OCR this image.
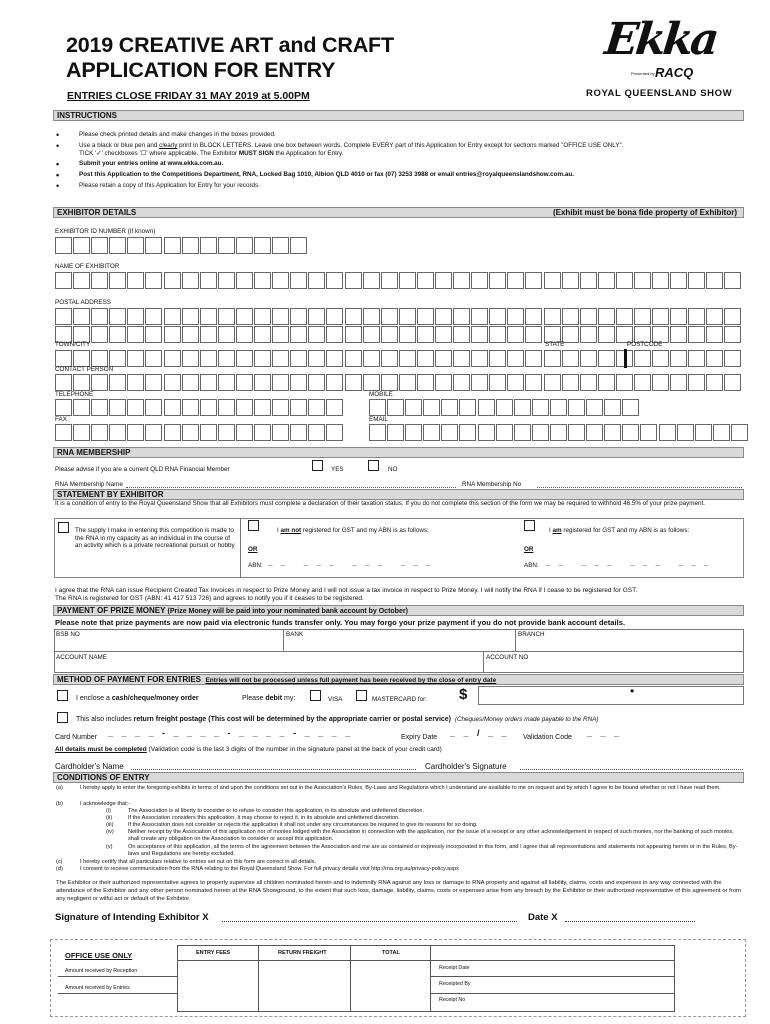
2019 CREATIVE ART and CRAFT
APPLICATION FOR ENTRY
ENTRIES CLOSE FRIDAY 31 MAY 2019 at 5.00PM
Ekka
Presented by RACQ
ROYAL QUEENSLAND SHOW
INSTRUCTIONS
• Please check printed details and make changes in the boxes provided.
• Use a black or blue pen and clearly print in BLOCK LETTERS. Leave one box between words. Complete EVERY part of this Application for Entry except for sections marked "OFFICE USE ONLY".
TICK '✓' checkboxes '☐' where applicable. The Exhibitor MUST SIGN the Application for Entry.
• Submit your entries online at www.ekka.com.au.
• Post this Application to the Competitions Department, RNA, Locked Bag 1010, Albion QLD 4010 or fax (07) 3253 3988 or email entries@royalqueenslandshow.com.au.
• Please retain a copy of this Application for Entry for your records.
EXHIBITOR DETAILS	(Exhibit must be bona fide property of Exhibitor)
EXHIBITOR ID NUMBER (If known)
NAME OF EXHIBITOR
POSTAL ADDRESS
TOWN/CITY	STATE	POSTCODE
CONTACT PERSON
TELEPHONE	MOBILE
FAX	EMAIL
RNA MEMBERSHIP
Please advise if you are a current QLD RNA Financial Member	YES	NO
RNA Membership Name	RNA Membership No
STATEMENT BY EXHIBITOR
It is a condition of entry to the Royal Queensland Show that all Exhibitors must complete a declaration of their taxation status. If you do not complete this section of the form we may be required to withhold 46.5% of your prize payment.
The supply I make in entering this competition is made to the RNA in my capacity as an individual in the course of an activity which is a private recreational pursuit or hobby
OR
I am not registered for GST and my ABN is as follows:
ABN: _ _   _ _ _   _ _ _   _ _ _
OR
I am registered for GST and my ABN is as follows:
ABN: _ _   _ _ _   _ _ _   _ _ _
I agree that the RNA can issue Recipient Created Tax Invoices in respect to Prize Money and I will not issue a tax invoice in respect to Prize Money. I will notify the RNA if I cease to be registered for GST.
The RNA is registered for GST (ABN: 41 417 513 726) and agrees to notify you if it ceases to be registered.
PAYMENT OF PRIZE MONEY (Prize Money will be paid into your nominated bank account by October)
Please note that prize payments are now paid via electronic funds transfer only. You may forgo your prize payment if you do not provide bank account details.
BSB NO	BANK	BRANCH
ACCOUNT NAME	ACCOUNT NO
METHOD OF PAYMENT FOR ENTRIES Entries will not be processed unless full payment has been received by the close of entry date
I enclose a cash/cheque/money order	Please debit my:	VISA	MASTERCARD for: $	•
This also includes return freight postage (This cost will be determined by the appropriate carrier or postal service) (Cheques/Money orders made payable to the RNA)
Card Number _ _ _ _ - _ _ _ _ - _ _ _ _ - _ _ _ _	Expiry Date _ _ / _ _ Validation Code _ _ _
All details must be completed (Validation code is the last 3 digits of the number in the signature panel at the back of your credit card)
Cardholder's Name	Cardholder's Signature
CONDITIONS OF ENTRY
(a)	I hereby apply to enter the foregoing exhibits in terms of and upon the conditions set out in the Association's Rules, By-Laws and Regulations which I understand are available to me on request and by which I agree to be bound whether or not I have read them.
(b)	I acknowledge that:-
(i)	The Association is at liberty to consider or to refuse to consider this application, in its absolute and unfettered discretion.
(ii)	If the Association considers this application, it may choose to reject it, in its absolute and unfettered discretion.
(iii)	If the Association does not consider or rejects the application it shall not under any circumstances be required to give its reasons for so doing.
(iv)	Neither receipt by the Association of this application nor of monies lodged with the Association in connection with the application, nor the issue of a receipt or any other acknowledgement in respect of such monies, nor the banking of such monies, shall create any obligation on the Association to consider or accept this application.
(v)	On acceptance of this application, all the terms of the agreement between the Association and me are as contained or expressly incorporated in this form, and I agree that all representations and statements not appearing herein or in the Rules, By-laws and Regulations are hereby excluded.
(c)	I hereby certify that all particulars relative to entries set out on this form are correct in all details.
(d)	I consent to receive communication from the RNA relating to the Royal Queensland Show. For full privacy details visit http://rna.org.au/privacy-policy.aspx
The Exhibitor or their authorized representative agrees to properly supervise all children nominated herein and to indemnify RNA against any loss or damage to RNA property and against all liability, claims, costs and expenses in any way connected with the attendance of the Exhibitor and any other person nominated herein at the RNA Showground, to the extent that such loss, damage, liability, claims, costs or expenses arise from any breach by the Exhibitor or their authorized representative of this agreement or from any negligent or wilful act or default of the Exhibitor.
Signature of Intending Exhibitor X	Date X
OFFICE USE ONLY	ENTRY FEES	RETURN FREIGHT	TOTAL
Amount received by Reception
Amount received by Entries
Receipt Date
Receipted By
Receipt No
